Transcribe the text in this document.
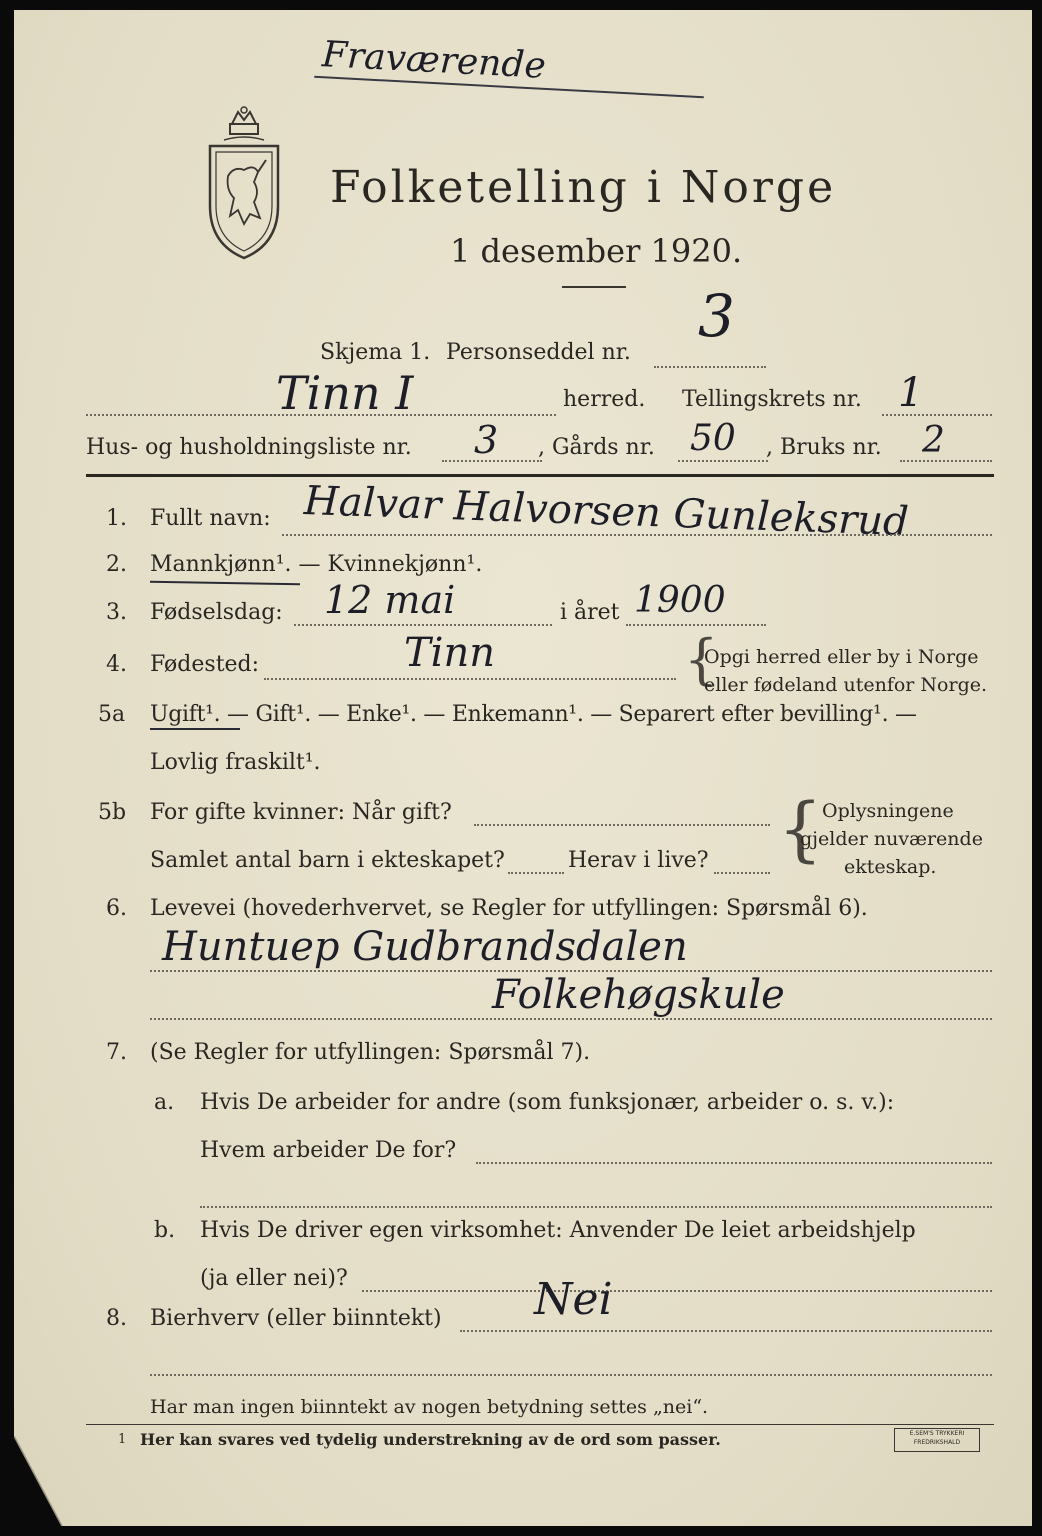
Fraværende
Folketelling i Norge
1 desember 1920.
Skjema 1. Personseddel nr.
3
Tinn I	herred. Tellingskrets nr. 1
Hus- og husholdningsliste nr. 3 , Gårds nr. 50 , Bruks nr. 2
1. Fullt navn: Halvar Halvorsen Gunleksrud
2. Mannkjønn¹. — Kvinnekjønn¹.
3. Fødselsdag: 12 mai	i året 1900
4. Fødested:	Tinn	{
Opgi herred eller by i Norge
eller fødeland utenfor Norge.
5a Ugift¹. — Gift¹. — Enke¹. — Enkemann¹. — Separert efter bevilling¹. —
Lovlig fraskilt¹.
5b For gifte kvinner: Når gift?
Samlet antal barn i ekteskapet?	Herav i live? { Oplysningene
gjelder nuværende
ekteskap.
6. Levevei (hovederhvervet, se Regler for utfyllingen: Spørsmål 6).
Huntuep Gudbrandsdalen
Folkehøgskule
7. (Se Regler for utfyllingen: Spørsmål 7).
a. Hvis De arbeider for andre (som funksjonær, arbeider o. s. v.):
Hvem arbeider De for?
b. Hvis De driver egen virksomhet: Anvender De leiet arbeidshjelp
(ja eller nei)?
8. Bierhverv (eller biinntekt) Nei
Har man ingen biinntekt av nogen betydning settes „nei“.
1 Her kan svares ved tydelig understrekning av de ord som passer.	E.SEM'S TRYKKERI
FREDRIKSHALD
